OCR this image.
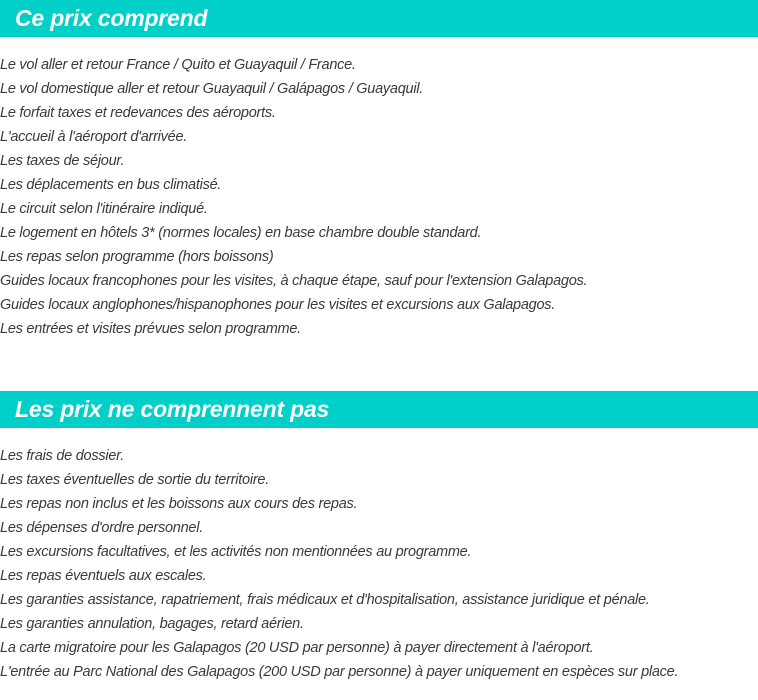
Ce prix comprend
Le vol aller et retour France / Quito et Guayaquil / France.
Le vol domestique aller et retour Guayaquil / Galápagos / Guayaquil.
Le forfait taxes et redevances des aéroports.
L'accueil à l'aéroport d'arrivée.
Les taxes de séjour.
Les déplacements en bus climatisé.
Le circuit selon l'itinéraire indiqué.
Le logement en hôtels 3* (normes locales) en base chambre double standard.
Les repas selon programme (hors boissons)
Guides locaux francophones pour les visites, à chaque étape, sauf pour l'extension Galapagos.
Guides locaux anglophones/hispanophones pour les visites et excursions aux Galapagos.
Les entrées et visites prévues selon programme.
Les prix ne comprennent pas
Les frais de dossier.
Les taxes éventuelles de sortie du territoire.
Les repas non inclus et les boissons aux cours des repas.
Les dépenses d'ordre personnel.
Les excursions facultatives, et les activités non mentionnées au programme.
Les repas éventuels aux escales.
Les garanties assistance, rapatriement, frais médicaux et d'hospitalisation, assistance juridique et pénale.
Les garanties annulation, bagages, retard aérien.
La carte migratoire pour les Galapagos (20 USD par personne) à payer directement à l'aéroport.
L'entrée au Parc National des Galapagos (200 USD par personne) à payer uniquement en espèces sur place.
